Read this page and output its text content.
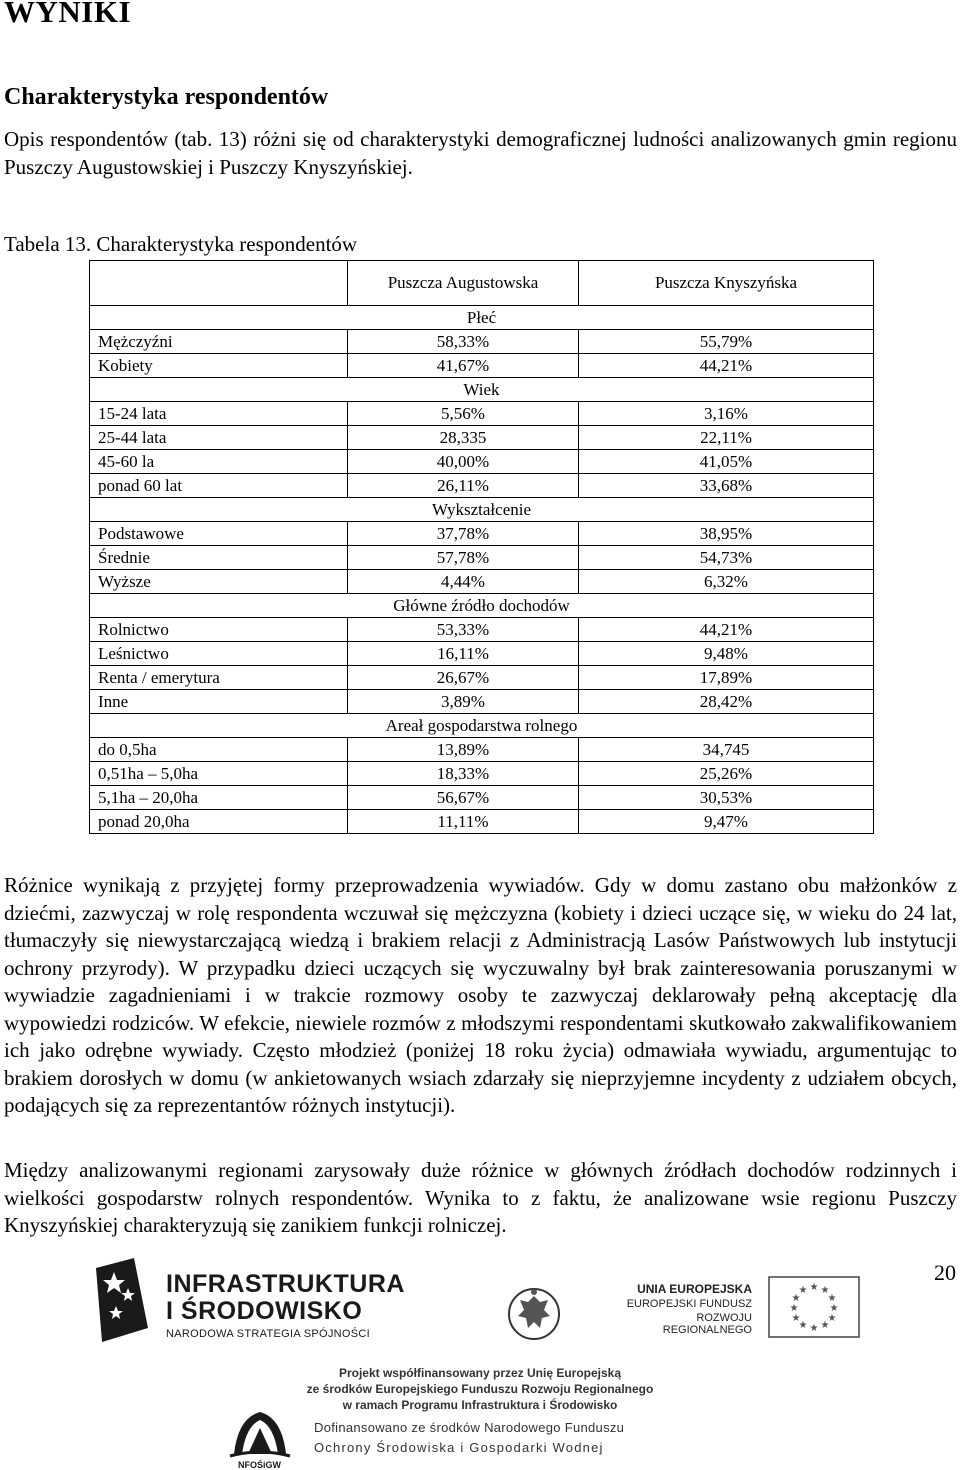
WYNIKI
Charakterystyka respondentów

Opis respondentów (tab. 13) różni się od charakterystyki demograficznej ludności analizowanych gmin regionu Puszczy Augustowskiej i Puszczy Knyszyńskiej.

Tabela 13. Charakterystyka respondentów

	Puszcza Augustowska	Puszcza Knyszyńska
Płeć		
Mężczyźni	58,33%	55,79%
Kobiety	41,67%	44,21%
Wiek		
15-24 lata	5,56%	3,16%
25-44 lata	28,335	22,11%
45-60 la	40,00%	41,05%
ponad 60 lat	26,11%	33,68%
Wykształcenie		
Podstawowe	37,78%	38,95%
Średnie	57,78%	54,73%
Wyższe	4,44%	6,32%
Główne źródło dochodów		
Rolnictwo	53,33%	44,21%
Leśnictwo	16,11%	9,48%
Renta / emerytura	26,67%	17,89%
Inne	3,89%	28,42%
Areał gospodarstwa rolnego		
do 0,5ha	13,89%	34,745
0,51ha – 5,0ha	18,33%	25,26%
5,1ha – 20,0ha	56,67%	30,53%
ponad 20,0ha	11,11%	9,47%

Różnice wynikają z przyjętej formy przeprowadzenia wywiadów. Gdy w domu zastano obu małżonków z dziećmi, zazwyczaj w rolę respondenta wczuwał się mężczyzna (kobiety i dzieci uczące się, w wieku do 24 lat, tłumaczyły się niewystarczającą wiedzą i brakiem relacji z Administracją Lasów Państwowych lub instytucji ochrony przyrody). W przypadku dzieci uczących się wyczuwalny był brak zainteresowania poruszanymi w wywiadzie zagadnieniami i w trakcie rozmowy osoby te zazwyczaj deklarowały pełną akceptację dla wypowiedzi rodziców. W efekcie, niewiele rozmów z młodszymi respondentami skutkowało zakwalifikowaniem ich jako odrębne wywiady. Często młodzież (poniżej 18 roku życia) odmawiała wywiadu, argumentując to brakiem dorosłych w domu (w ankietowanych wsiach zdarzały się nieprzyjemne incydenty z udziałem obcych, podających się za reprezentantów różnych instytucji).

Między analizowanymi regionami zarysowały duże różnice w głównych źródłach dochodów rodzinnych i wielkości gospodarstw rolnych respondentów. Wynika to z faktu, że analizowane wsie regionu Puszczy Knyszyńskiej charakteryzują się zanikiem funkcji rolniczej.

20
INFRASTRUKTURA
I ŚRODOWISKO
NARODOWA STRATEGIA SPÓJNOŚCI
UNIA EUROPEJSKA
EUROPEJSKI FUNDUSZ
ROZWOJU REGIONALNEGO
★ ★
★
★
★
★
★
★
★
★
★
★
Projekt współfinansowany przez Unię Europejską
ze środków Europejskiego Funduszu Rozwoju Regionalnego
w ramach Programu Infrastruktura i Środowisko
NFOŚiGW
Dofinansowano ze środków Narodowego Funduszu
Ochrony Środowiska i Gospodarki Wodnej
